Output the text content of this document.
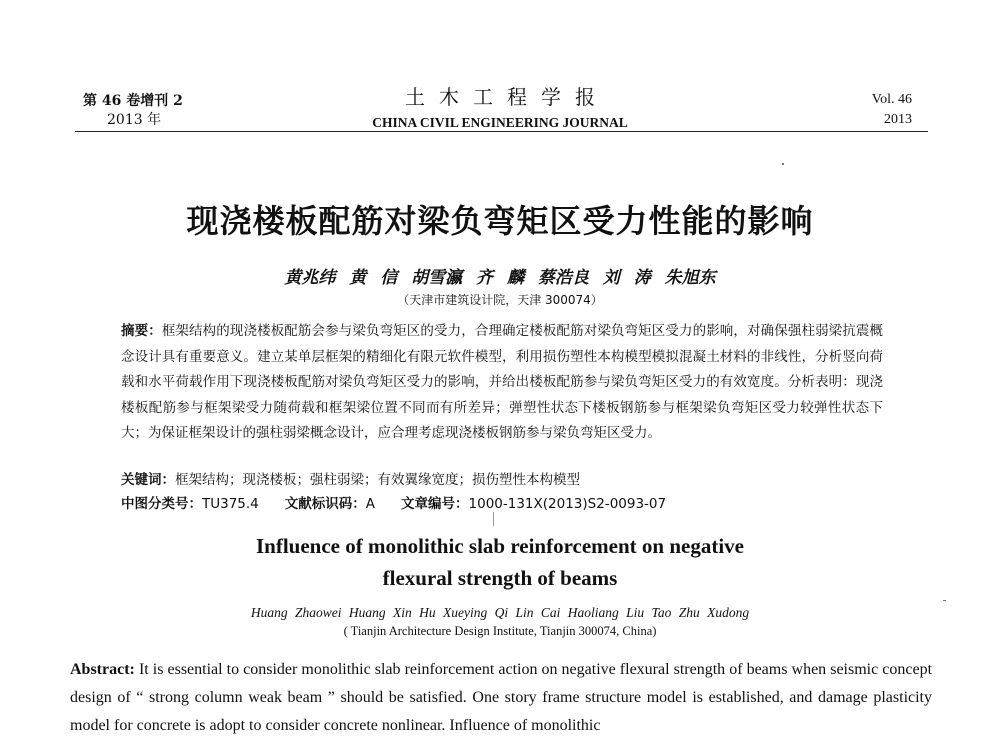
第 46 卷增刊 2
2013 年
土木工程学报
CHINA CIVIL ENGINEERING JOURNAL
Vol. 46
2013
现浇楼板配筋对梁负弯矩区受力性能的影响
黄兆纬 黄 信 胡雪瀛 齐 麟 蔡浩良 刘 涛 朱旭东
（天津市建筑设计院，天津 300074）
摘要：框架结构的现浇楼板配筋会参与梁负弯矩区的受力，合理确定楼板配筋对梁负弯矩区受力的影响，对确保强柱弱梁抗震概念设计具有重要意义。建立某单层框架的精细化有限元软件模型，利用损伤塑性本构模型模拟混凝土材料的非线性，分析竖向荷载和水平荷载作用下现浇楼板配筋对梁负弯矩区受力的影响，并给出楼板配筋参与梁负弯矩区受力的有效宽度。分析表明：现浇楼板配筋参与框架梁受力随荷载和框架梁位置不同而有所差异；弹塑性状态下楼板钢筋参与框架梁负弯矩区受力较弹性状态下大；为保证框架设计的强柱弱梁概念设计，应合理考虑现浇楼板钢筋参与梁负弯矩区受力。
关键词：框架结构；现浇楼板；强柱弱梁；有效翼缘宽度；损伤塑性本构模型
中图分类号：TU375.4 文献标识码：A 文章编号：1000-131X(2013)S2-0093-07
Influence of monolithic slab reinforcement on negative
flexural strength of beams
Huang Zhaowei Huang Xin Hu Xueying Qi Lin Cai Haoliang Liu Tao Zhu Xudong
( Tianjin Architecture Design Institute, Tianjin 300074, China)
Abstract: It is essential to consider monolithic slab reinforcement action on negative flexural strength of beams when seismic concept design of “ strong column weak beam ” should be satisfied. One story frame structure model is established, and damage plasticity model for concrete is adopt to consider concrete nonlinear. Influence of monolithic
